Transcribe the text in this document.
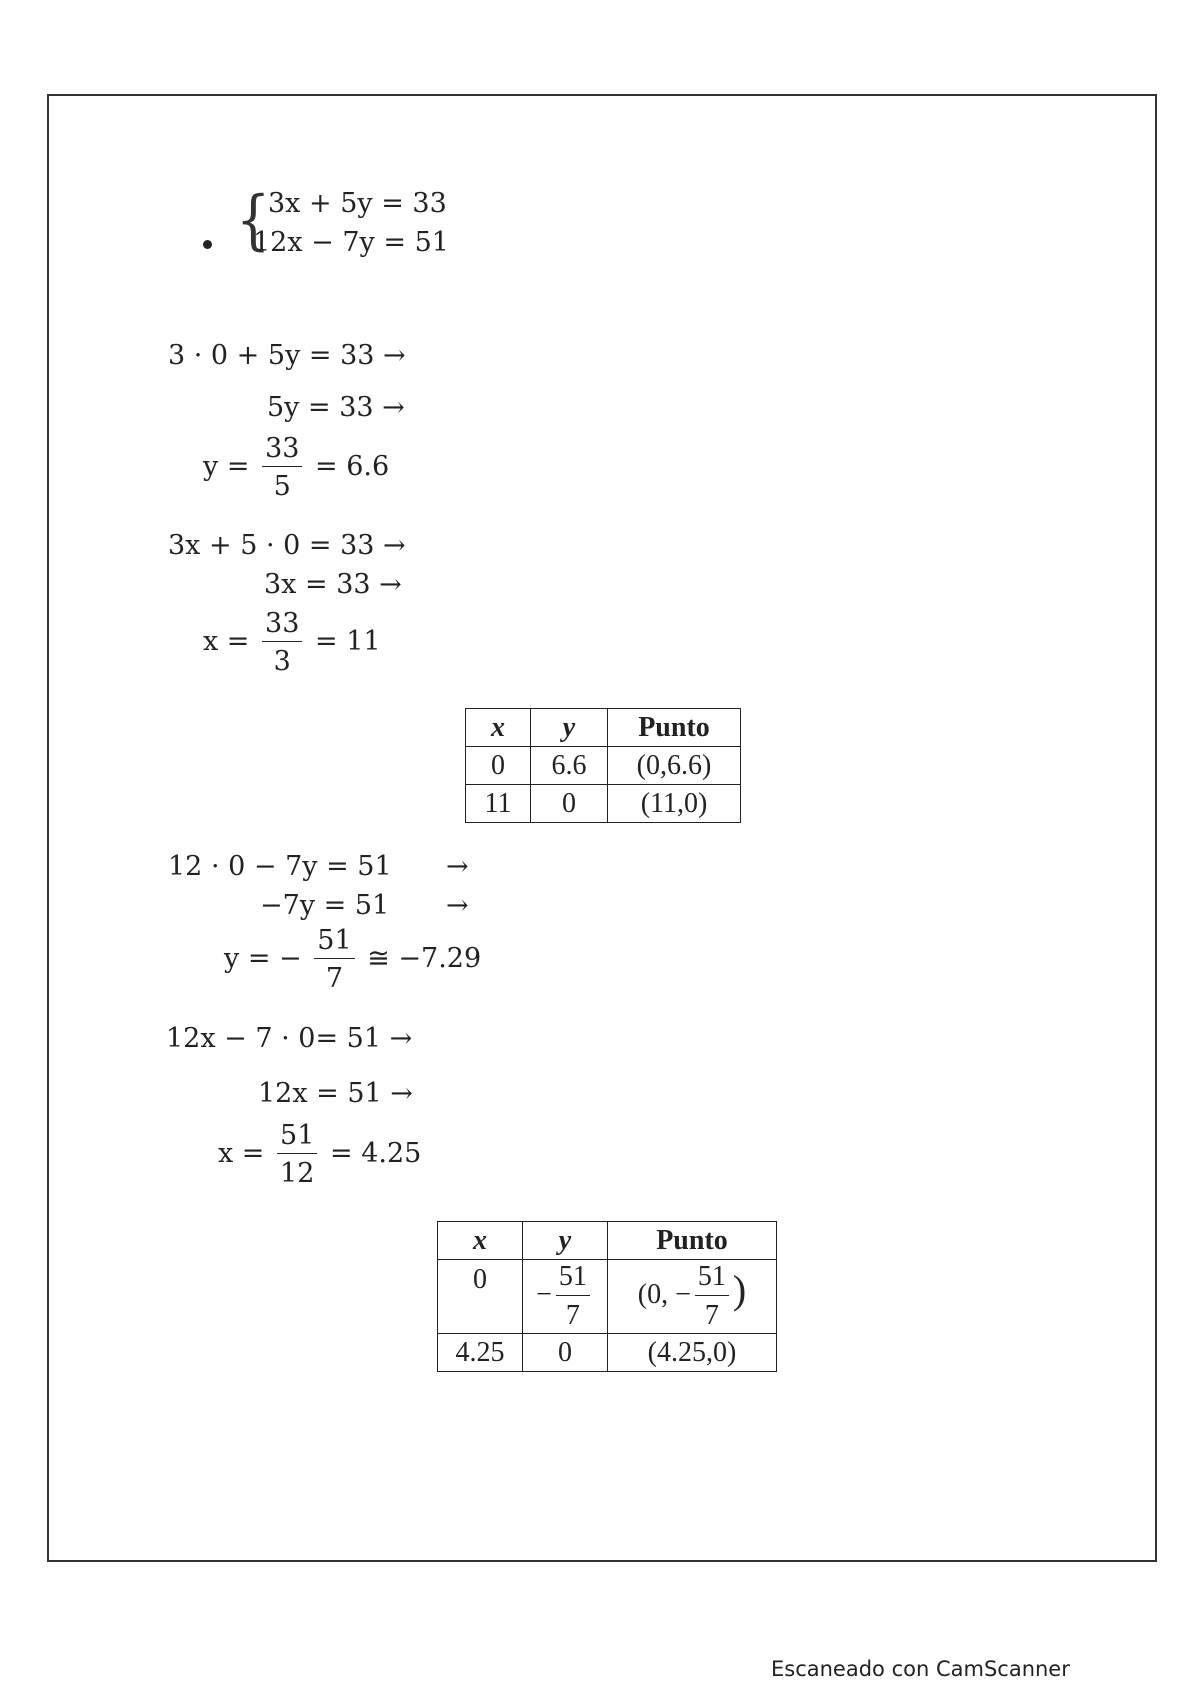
{
3x + 5y = 33
12x − 7y = 51
3 · 0 + 5y = 33 →
5y = 33 →
$y = \frac{33}{5} = 6.6$
3x + 5 · 0 = 33 →
3x = 33 →
$x = \frac{33}{3} = 11$
x	y	Punto
0	6.6	(0,6.6)
11	0	(11,0)
12 · 0 − 7y = 51 →
−7y = 51 →
y = − $\frac{51}{7}$ ≅ −7.29
12x − 7 · 0= 51 →
12x = 51 →
$x = \frac{51}{12} = 4.25$
x	y	Punto
0	− $\frac{51}{7}$	(0, − $\frac{51}{7}$ )
4.25	0	(4.25,0)
Escaneado con CamScanner
